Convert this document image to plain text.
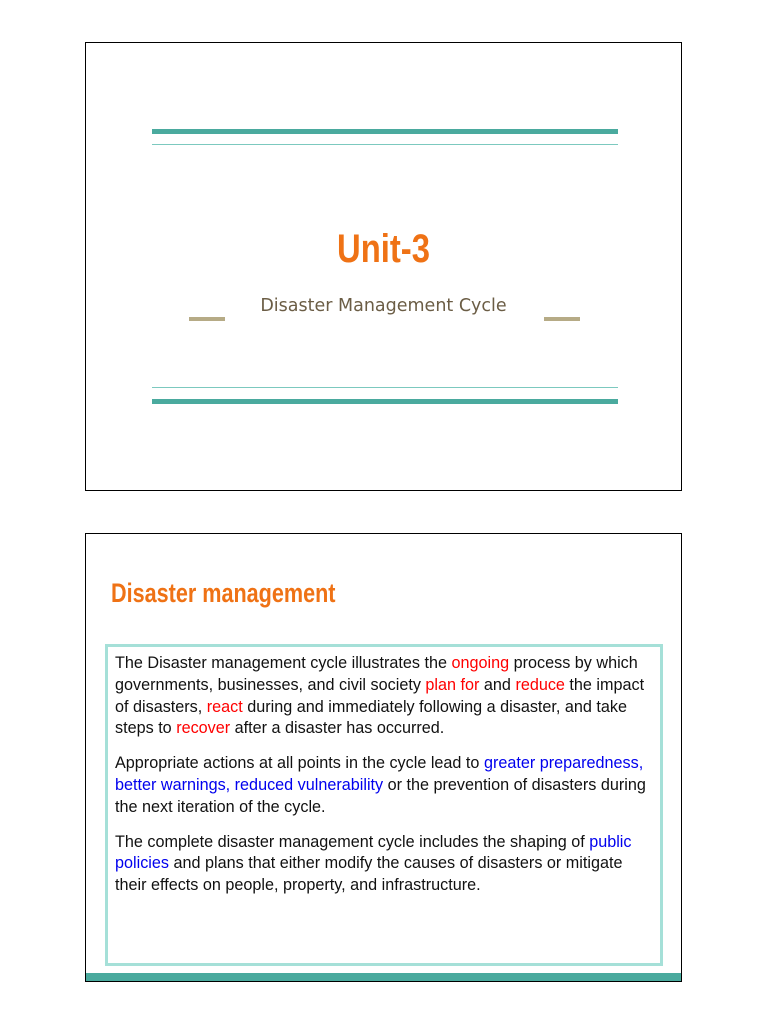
Unit-3
Disaster Management Cycle
Disaster management

The Disaster management cycle illustrates the ongoing process by which governments, businesses, and civil society plan for and reduce the impact of disasters, react during and immediately following a disaster, and take steps to recover after a disaster has occurred.

Appropriate actions at all points in the cycle lead to greater preparedness, better warnings, reduced vulnerability or the prevention of disasters during the next iteration of the cycle.

The complete disaster management cycle includes the shaping of public policies and plans that either modify the causes of disasters or mitigate their effects on people, property, and infrastructure.
